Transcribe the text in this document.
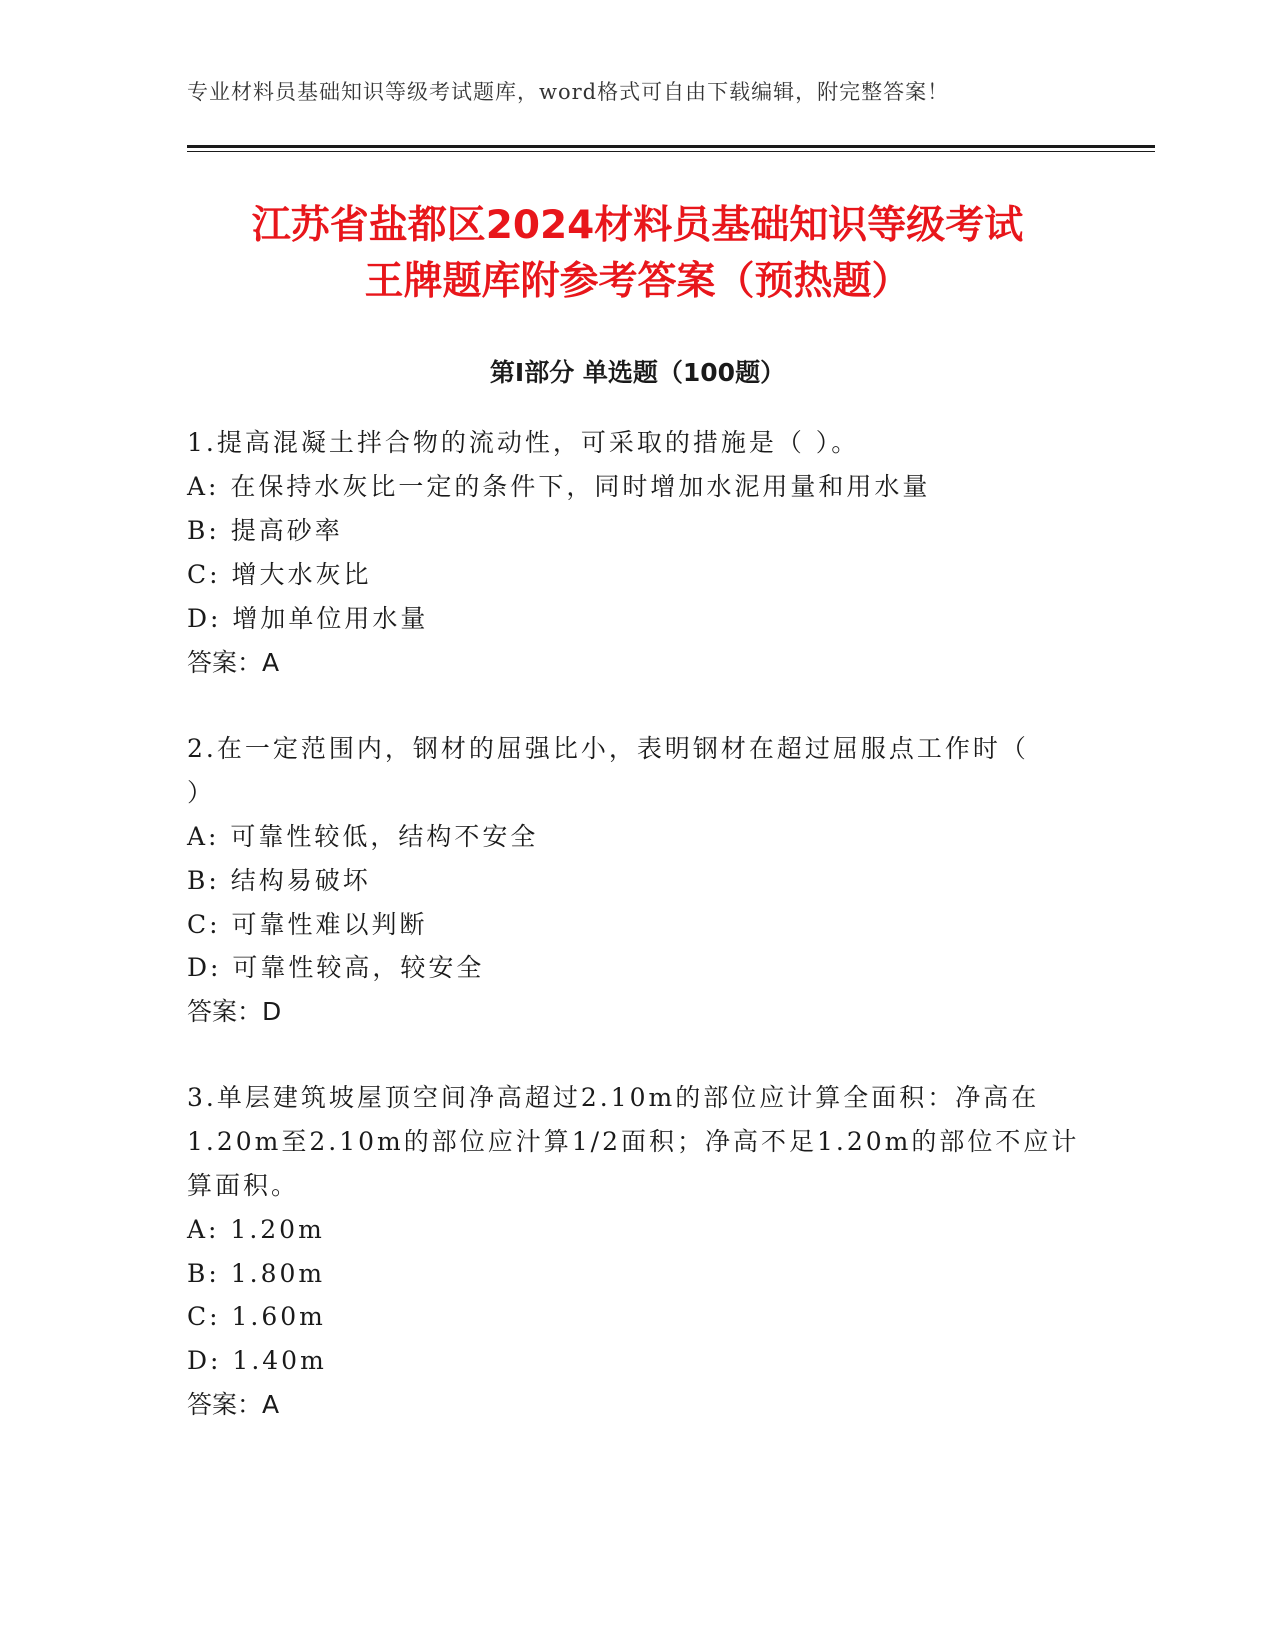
专业材料员基础知识等级考试题库，word格式可自由下载编辑，附完整答案！
江苏省盐都区2024材料员基础知识等级考试
王牌题库附参考答案（预热题）
第Ⅰ部分 单选题（100题）
1.提高混凝土拌合物的流动性，可采取的措施是（ ）。
A: 在保持水灰比一定的条件下，同时增加水泥用量和用水量
B: 提高砂率
C: 增大水灰比
D: 增加单位用水量
答案：A
2.在一定范围内，钢材的屈强比小，表明钢材在超过屈服点工作时（
）
A: 可靠性较低，结构不安全
B: 结构易破坏
C: 可靠性难以判断
D: 可靠性较高，较安全
答案：D
3.单层建筑坡屋顶空间净高超过2.10m的部位应计算全面积：净高在
1.20m至2.10m的部位应汁算1/2面积；净高不足1.20m的部位不应计
算面积。
A: 1.20m
B: 1.80m
C: 1.60m
D: 1.40m
答案：A
